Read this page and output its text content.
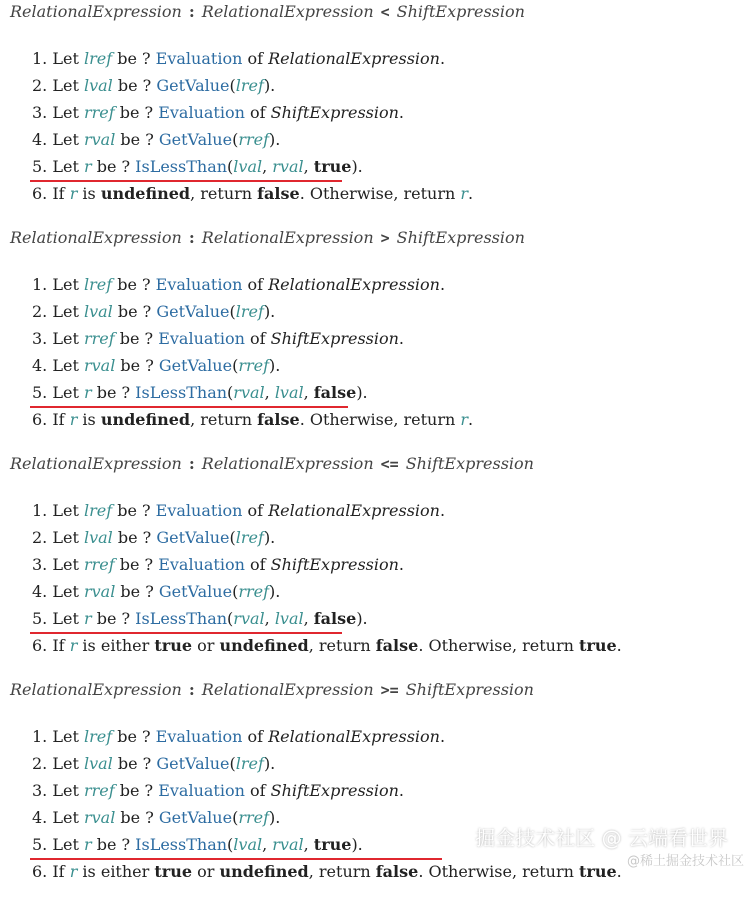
RelationalExpression : RelationalExpression < ShiftExpression
1. Let lref be ? Evaluation of RelationalExpression.
2. Let lval be ? GetValue(lref).
3. Let rref be ? Evaluation of ShiftExpression.
4. Let rval be ? GetValue(rref).
5. Let r be ? IsLessThan(lval, rval, true).
6. If r is undefined, return false. Otherwise, return r.
RelationalExpression : RelationalExpression > ShiftExpression
1. Let lref be ? Evaluation of RelationalExpression.
2. Let lval be ? GetValue(lref).
3. Let rref be ? Evaluation of ShiftExpression.
4. Let rval be ? GetValue(rref).
5. Let r be ? IsLessThan(rval, lval, false).
6. If r is undefined, return false. Otherwise, return r.
RelationalExpression : RelationalExpression <= ShiftExpression
1. Let lref be ? Evaluation of RelationalExpression.
2. Let lval be ? GetValue(lref).
3. Let rref be ? Evaluation of ShiftExpression.
4. Let rval be ? GetValue(rref).
5. Let r be ? IsLessThan(rval, lval, false).
6. If r is either true or undefined, return false. Otherwise, return true.
RelationalExpression : RelationalExpression >= ShiftExpression
1. Let lref be ? Evaluation of RelationalExpression.
2. Let lval be ? GetValue(lref).
3. Let rref be ? Evaluation of ShiftExpression.
4. Let rval be ? GetValue(rref).
5. Let r be ? IsLessThan(lval, rval, true).
6. If r is either true or undefined, return false. Otherwise, return true.
掘金技术社区 @ 云端看世界
@稀土掘金技术社区
